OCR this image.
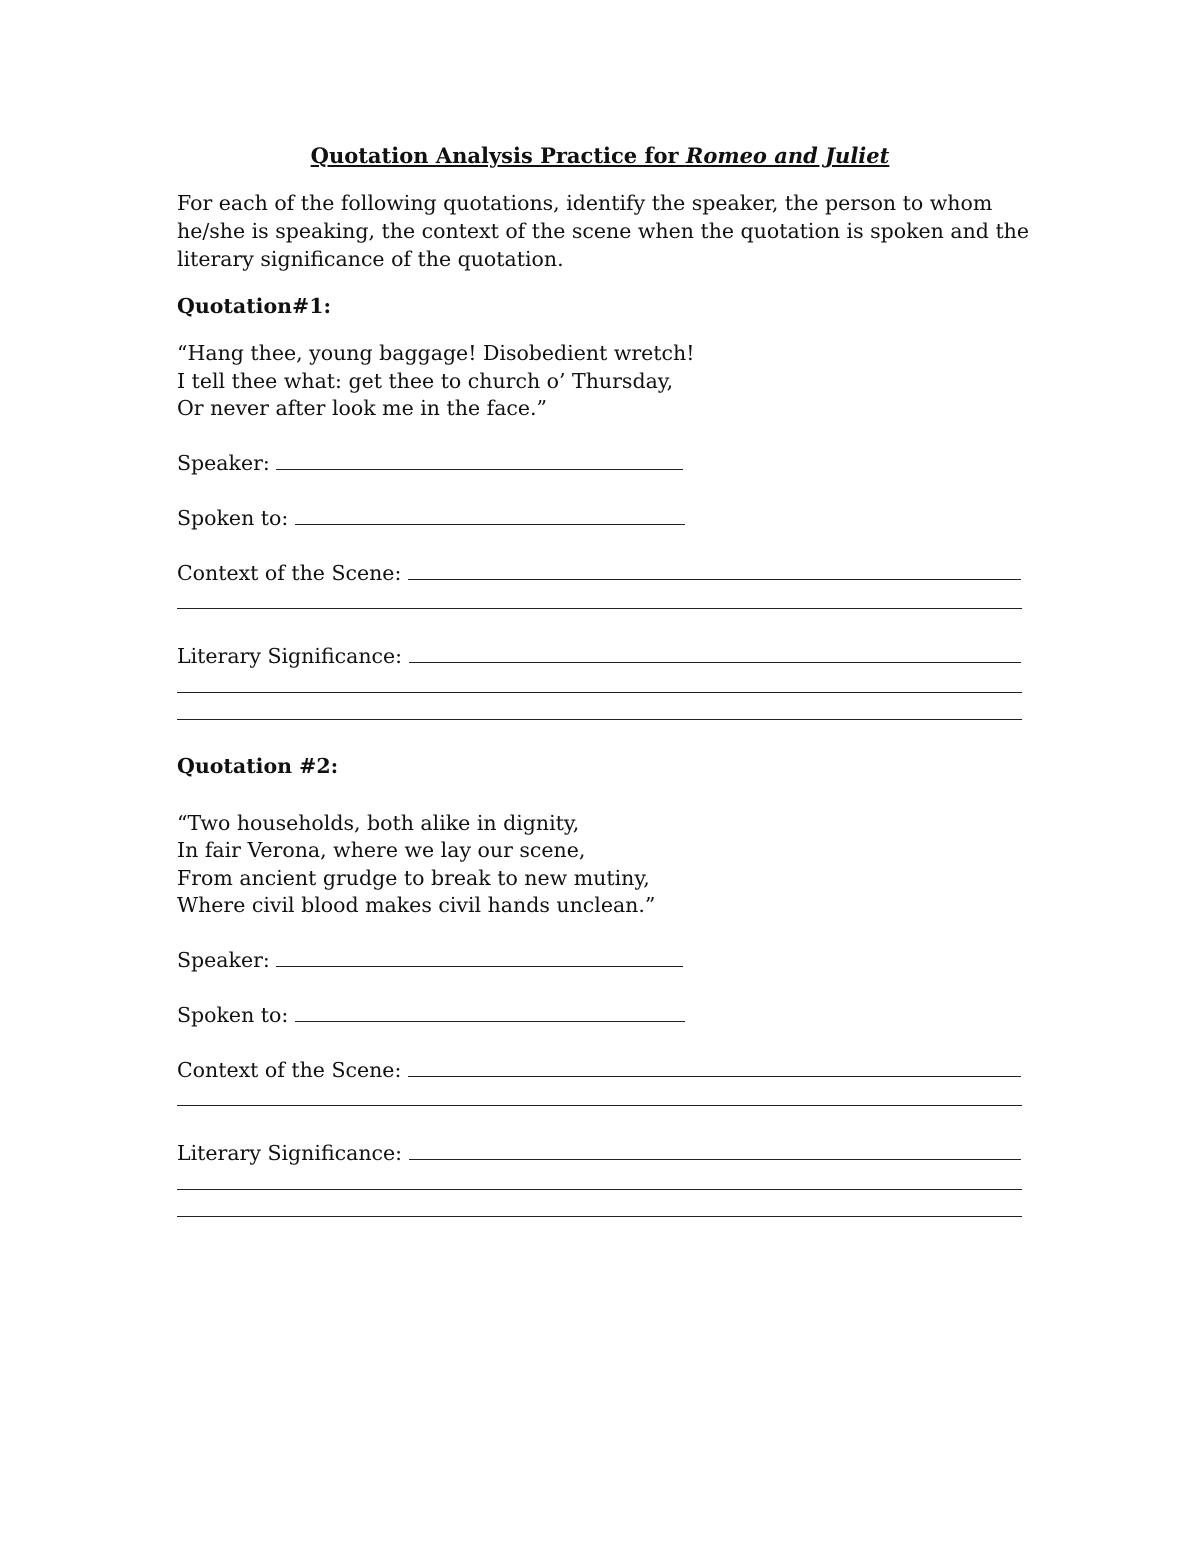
Quotation Analysis Practice for Romeo and Juliet
For each of the following quotations, identify the speaker, the person to whom
he/she is speaking, the context of the scene when the quotation is spoken and the
literary significance of the quotation.
Quotation#1:
“Hang thee, young baggage! Disobedient wretch!
I tell thee what: get thee to church o’ Thursday,
Or never after look me in the face.”
Speaker:
Spoken to:
Context of the Scene:
Literary Significance:
Quotation #2:
“Two households, both alike in dignity,
In fair Verona, where we lay our scene,
From ancient grudge to break to new mutiny,
Where civil blood makes civil hands unclean.”
Speaker:
Spoken to:
Context of the Scene:
Literary Significance:
